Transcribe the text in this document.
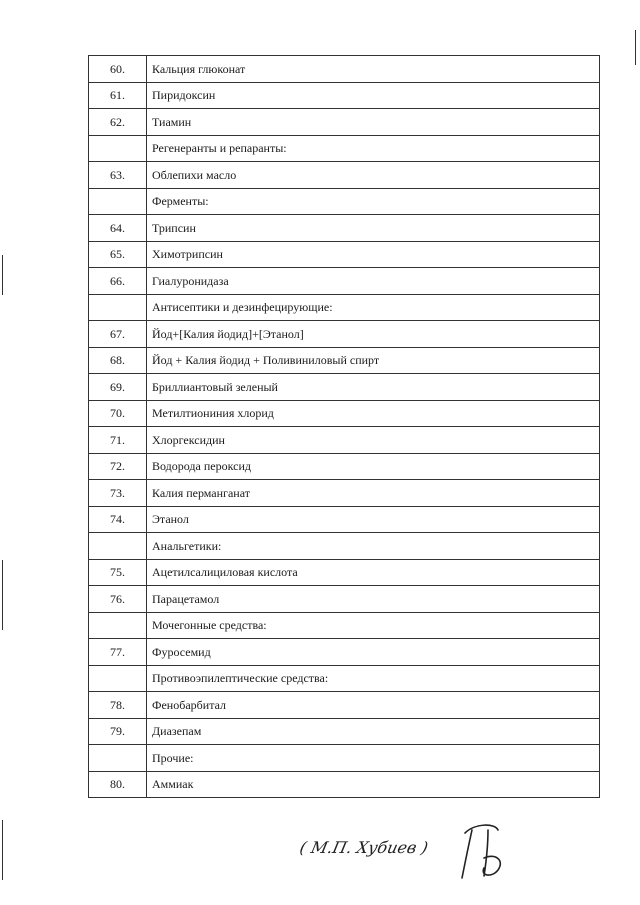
60.	Кальция глюконат
61.	Пиридоксин
62.	Тиамин
	Регенеранты и репаранты:
63.	Облепихи масло
	Ферменты:
64.	Трипсин
65.	Химотрипсин
66.	Гиалуронидаза
	Антисептики и дезинфецирующие:
67.	Йод+[Калия йодид]+[Этанол]
68.	Йод + Калия йодид + Поливиниловый спирт
69.	Бриллиантовый зеленый
70.	Метилтиониния хлорид
71.	Хлоргексидин
72.	Водорода пероксид
73.	Калия перманганат
74.	Этанол
	Анальгетики:
75.	Ацетилсалициловая кислота
76.	Парацетамол
	Мочегонные средства:
77.	Фуросемид
	Противоэпилептические средства:
78.	Фенобарбитал
79.	Диазепам
	Прочие:
80.	Аммиак
( М.П. Хубиев )
